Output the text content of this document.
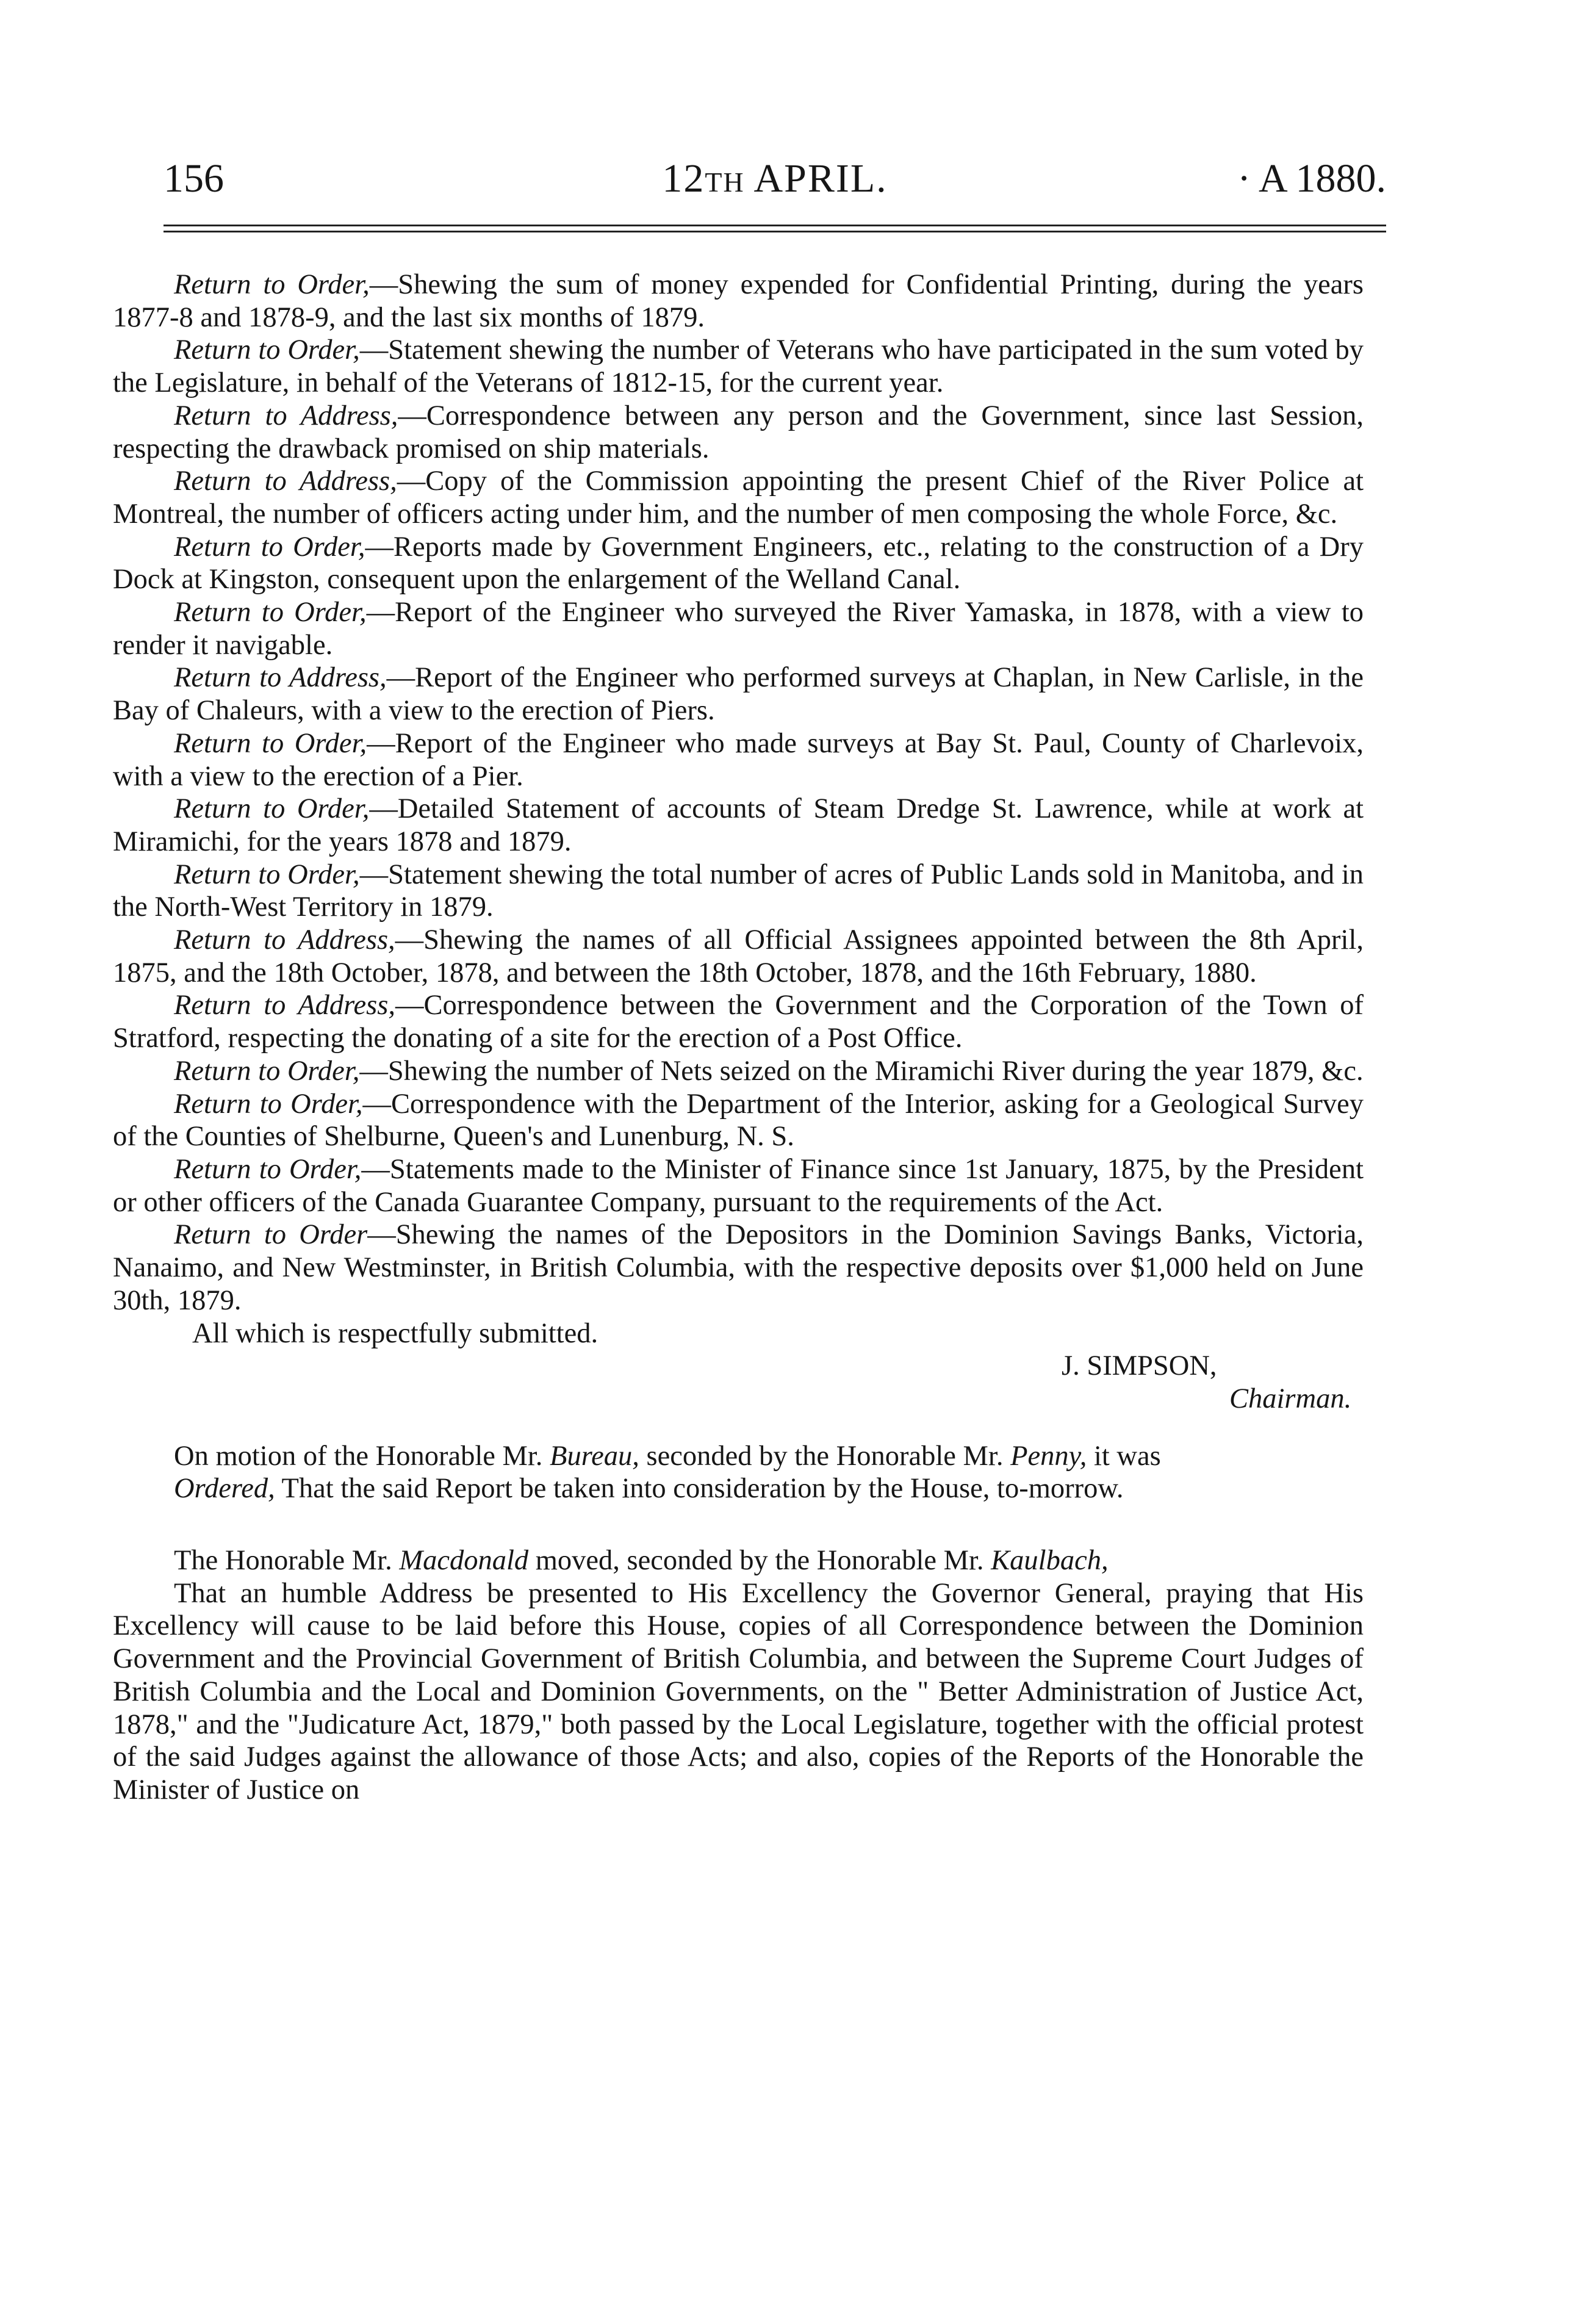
156	12th APRIL.	· A 1880.

Return to Order,—Shewing the sum of money expended for Confidential Printing, during the years 1877-8 and 1878-9, and the last six months of 1879.

Return to Order,—Statement shewing the number of Veterans who have participated in the sum voted by the Legislature, in behalf of the Veterans of 1812-15, for the current year.

Return to Address,—Correspondence between any person and the Government, since last Session, respecting the drawback promised on ship materials.

Return to Address,—Copy of the Commission appointing the present Chief of the River Police at Montreal, the number of officers acting under him, and the number of men composing the whole Force, &c.

Return to Order,—Reports made by Government Engineers, etc., relating to the construction of a Dry Dock at Kingston, consequent upon the enlargement of the Welland Canal.

Return to Order,—Report of the Engineer who surveyed the River Yamaska, in 1878, with a view to render it navigable.

Return to Address,—Report of the Engineer who performed surveys at Chaplan, in New Carlisle, in the Bay of Chaleurs, with a view to the erection of Piers.

Return to Order,—Report of the Engineer who made surveys at Bay St. Paul, County of Charlevoix, with a view to the erection of a Pier.

Return to Order,—Detailed Statement of accounts of Steam Dredge St. Lawrence, while at work at Miramichi, for the years 1878 and 1879.

Return to Order,—Statement shewing the total number of acres of Public Lands sold in Manitoba, and in the North-West Territory in 1879.

Return to Address,—Shewing the names of all Official Assignees appointed between the 8th April, 1875, and the 18th October, 1878, and between the 18th October, 1878, and the 16th February, 1880.

Return to Address,—Correspondence between the Government and the Corporation of the Town of Stratford, respecting the donating of a site for the erection of a Post Office.

Return to Order,—Shewing the number of Nets seized on the Miramichi River during the year 1879, &c.

Return to Order,—Correspondence with the Department of the Interior, asking for a Geological Survey of the Counties of Shelburne, Queen's and Lunenburg, N. S.

Return to Order,—Statements made to the Minister of Finance since 1st January, 1875, by the President or other officers of the Canada Guarantee Company, pursuant to the requirements of the Act.

Return to Order—Shewing the names of the Depositors in the Dominion Savings Banks, Victoria, Nanaimo, and New Westminster, in British Columbia, with the respective deposits over $1,000 held on June 30th, 1879.

All which is respectfully submitted.

J. SIMPSON,

Chairman.

On motion of the Honorable Mr. Bureau, seconded by the Honorable Mr. Penny, it was

Ordered, That the said Report be taken into consideration by the House, to-morrow.

The Honorable Mr. Macdonald moved, seconded by the Honorable Mr. Kaulbach,

That an humble Address be presented to His Excellency the Governor General, praying that His Excellency will cause to be laid before this House, copies of all Correspondence between the Dominion Government and the Provincial Government of British Columbia, and between the Supreme Court Judges of British Columbia and the Local and Dominion Governments, on the " Better Administration of Justice Act, 1878," and the "Judicature Act, 1879," both passed by the Local Legislature, together with the official protest of the said Judges against the allowance of those Acts; and also, copies of the Reports of the Honorable the Minister of Justice on
